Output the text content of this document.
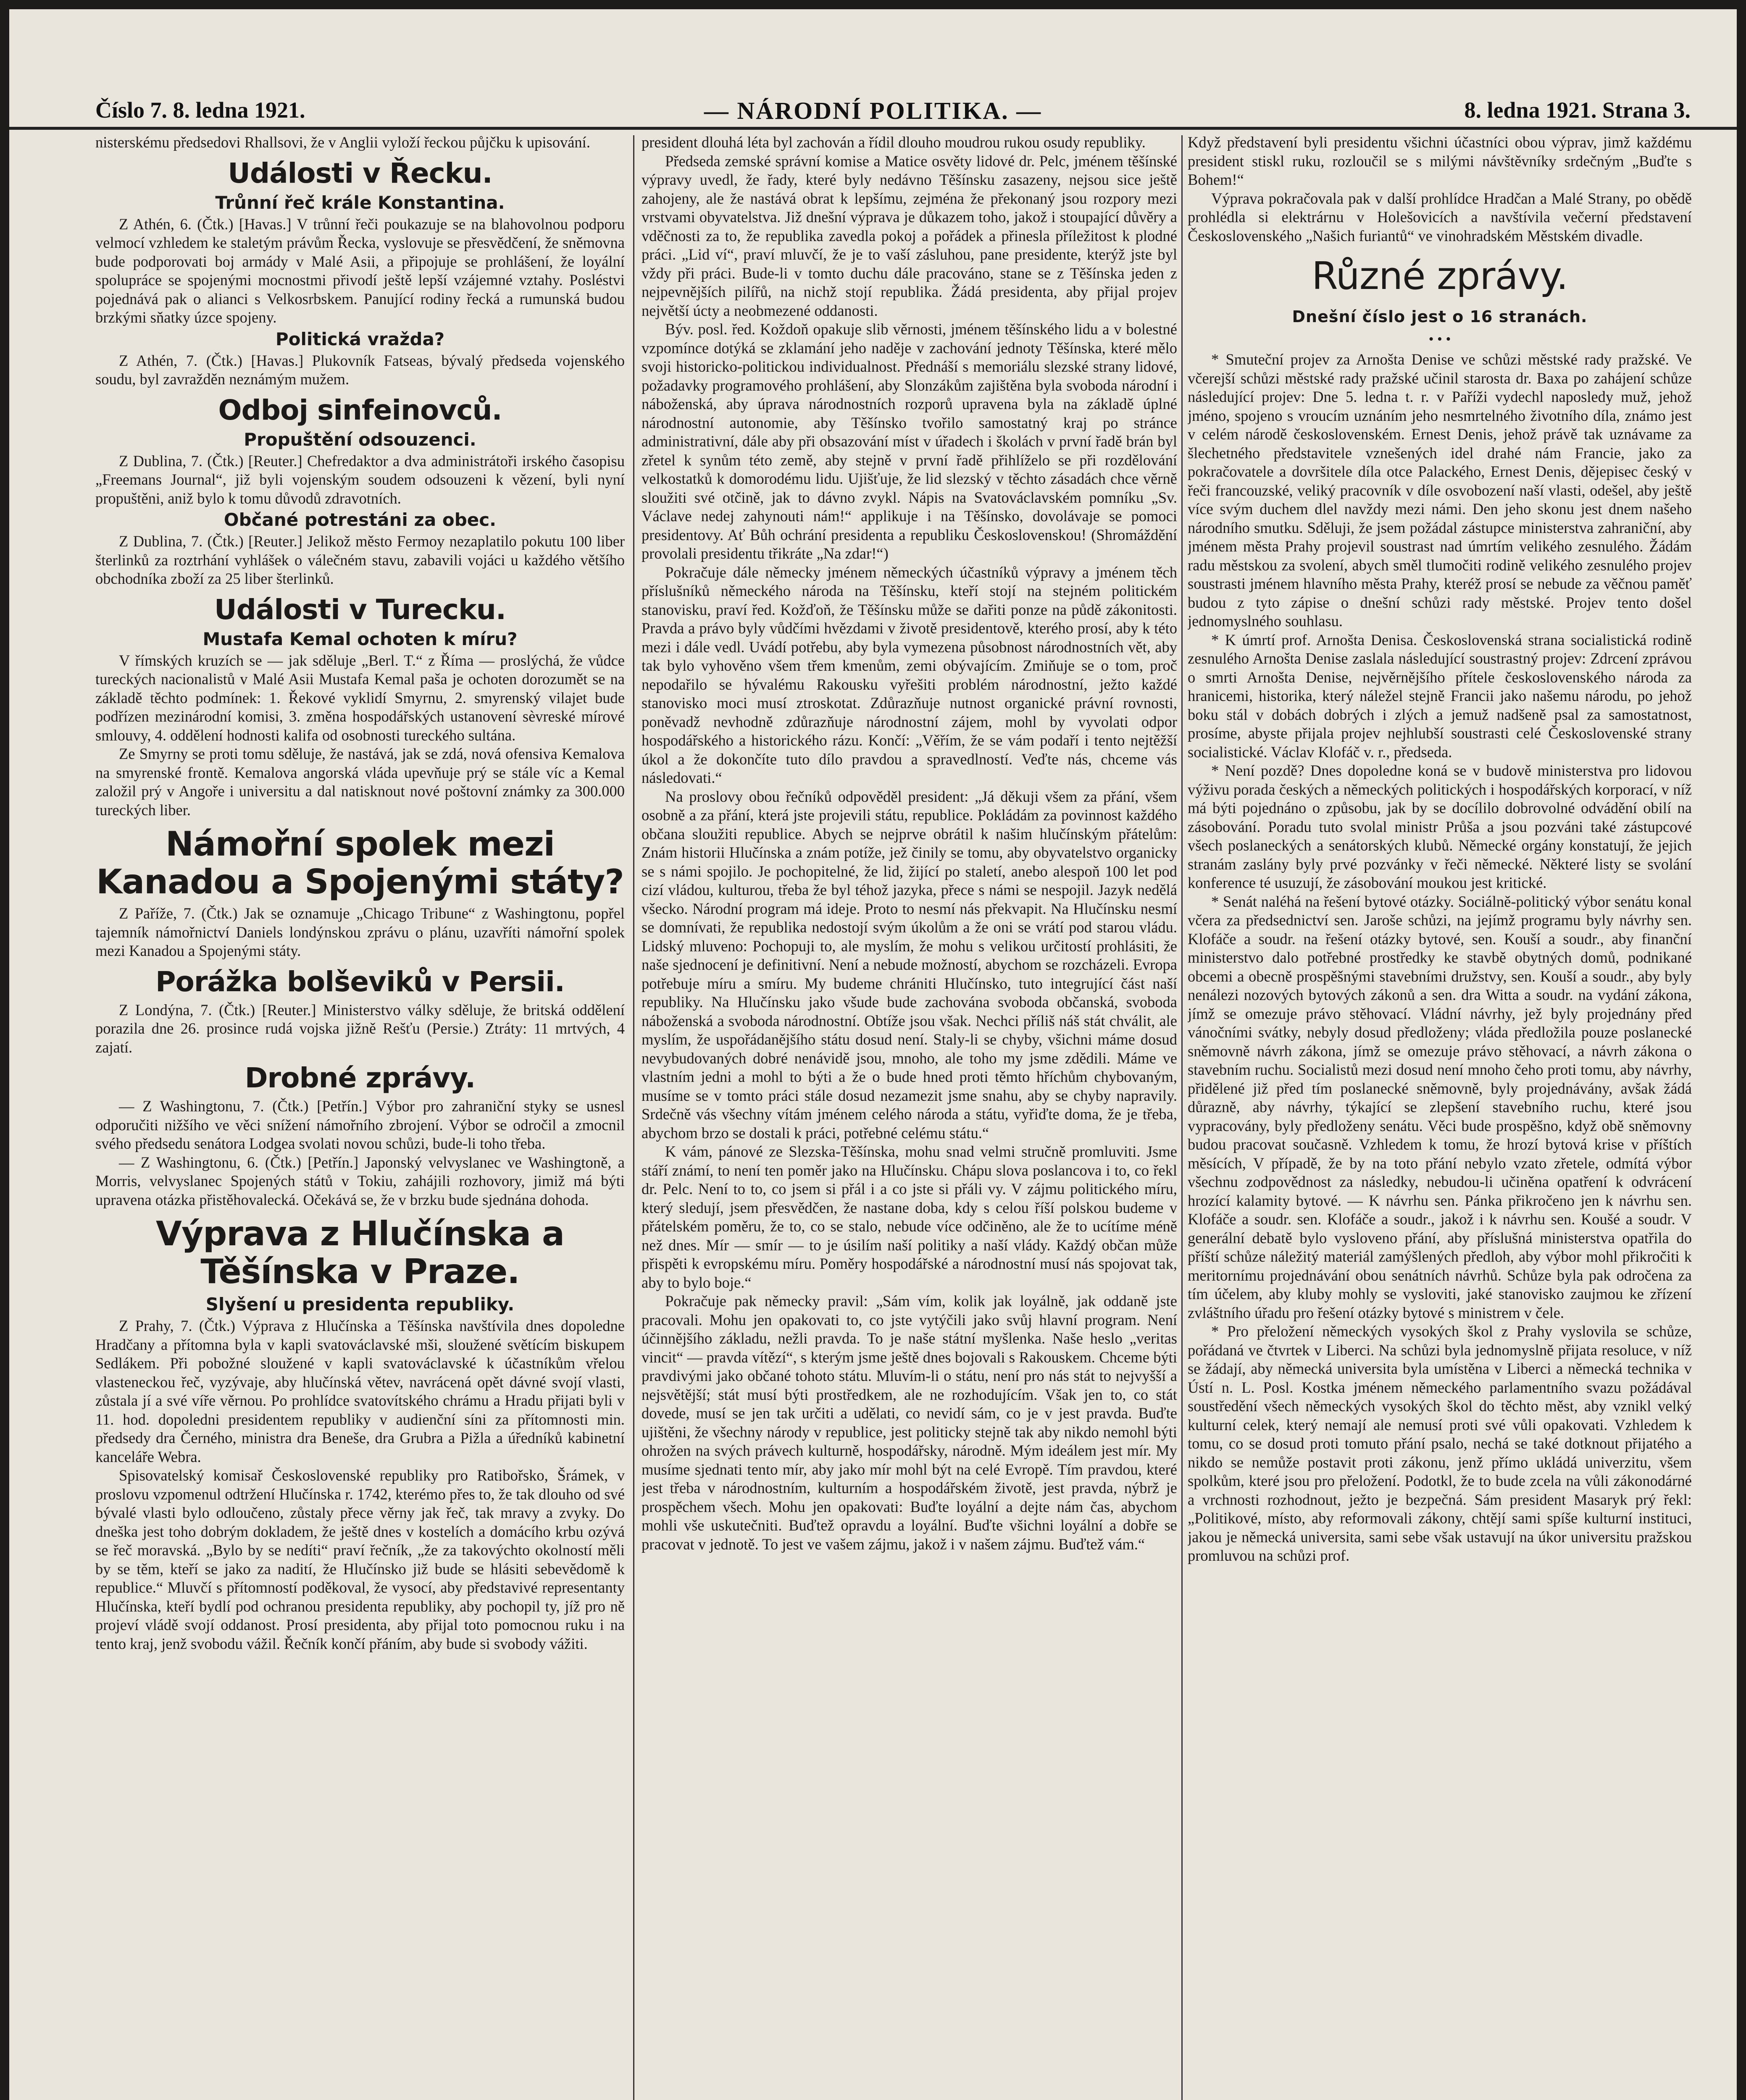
Číslo 7. 8. ledna 1921.	— NÁRODNÍ POLITIKA. —	8. ledna 1921. Strana 3.

nisterskému předsedovi Rhallsovi, že v Anglii vyloží řeckou půjčku k upisování.

Události v Řecku.
Trůnní řeč krále Konstantina.

Z Athén, 6. (Čtk.) [Havas.] V trůnní řeči poukazuje se na blahovolnou podporu velmocí vzhledem ke staletým právům Řecka, vyslovuje se přesvědčení, že sněmovna bude podporovati boj armády v Malé Asii, a připojuje se prohlášení, že loyální spolupráce se spojenými mocnostmi přivodí ještě lepší vzájemné vztahy. Posléstvi pojednává pak o alianci s Velkosrbskem. Panující rodiny řecká a rumunská budou brzkými sňatky úzce spojeny.

Politická vražda?

Z Athén, 7. (Čtk.) [Havas.] Plukovník Fatseas, bývalý předseda vojenského soudu, byl zavražděn neznámým mužem.

Odboj sinfeinovců.
Propuštění odsouzenci.

Z Dublina, 7. (Čtk.) [Reuter.] Chefredaktor a dva administrátoři irského časopisu „Freemans Journal“, již byli vojenským soudem odsouzeni k vězení, byli nyní propuštěni, aniž bylo k tomu důvodů zdravotních.

Občané potrestáni za obec.

Z Dublina, 7. (Čtk.) [Reuter.] Jelikož město Fermoy nezaplatilo pokutu 100 liber šterlinků za roztrhání vyhlášek o válečném stavu, zabavili vojáci u každého většího obchodníka zboží za 25 liber šterlinků.

Události v Turecku.
Mustafa Kemal ochoten k míru?

V římských kruzích se — jak sděluje „Berl. T.“ z Říma — proslýchá, že vůdce tureckých nacionalistů v Malé Asii Mustafa Kemal paša je ochoten dorozumět se na základě těchto podmínek: 1. Řekové vyklidí Smyrnu, 2. smyrenský vilajet bude podřízen mezinárodní komisi, 3. změna hospodářských ustanovení sèvreské mírové smlouvy, 4. oddělení hodnosti kalifa od osobnosti tureckého sultána.

Ze Smyrny se proti tomu sděluje, že nastává, jak se zdá, nová ofensiva Kemalova na smyrenské frontě. Kemalova angorská vláda upevňuje prý se stále víc a Kemal založil prý v Angoře i universitu a dal natisknout nové poštovní známky za 300.000 tureckých liber.

Námořní spolek mezi Kanadou a Spojenými státy?

Z Paříže, 7. (Čtk.) Jak se oznamuje „Chicago Tribune“ z Washingtonu, popřel tajemník námořnictví Daniels londýnskou zprávu o plánu, uzavříti námořní spolek mezi Kanadou a Spojenými státy.

Porážka bolševiků v Persii.

Z Londýna, 7. (Čtk.) [Reuter.] Ministerstvo války sděluje, že britská oddělení porazila dne 26. prosince rudá vojska jižně Rešťu (Persie.) Ztráty: 11 mrtvých, 4 zajatí.

Drobné zprávy.

— Z Washingtonu, 7. (Čtk.) [Petřín.] Výbor pro zahraniční styky se usnesl odporučiti nižšího ve věci snížení námořního zbrojení. Výbor se odročil a zmocnil svého předsedu senátora Lodgea svolati novou schůzi, bude-li toho třeba.

— Z Washingtonu, 6. (Čtk.) [Petřín.] Japonský velvyslanec ve Washingtoně, a Morris, velvyslanec Spojených států v Tokiu, zahájili rozhovory, jimiž má býti upravena otázka přistěhovalecká. Očekává se, že v brzku bude sjednána dohoda.

Výprava z Hlučínska a Těšínska v Praze.
Slyšení u presidenta republiky.

Z Prahy, 7. (Čtk.) Výprava z Hlučínska a Těšínska navštívila dnes dopoledne Hradčany a přítomna byla v kapli svatováclavské mši, sloužené světícím biskupem Sedlákem. Při pobožné sloužené v kapli svatováclavské k účastníkům vřelou vlasteneckou řeč, vyzývaje, aby hlučínská větev, navrácená opět dávné svojí vlasti, zůstala jí a své víře věrnou. Po prohlídce svatovítského chrámu a Hradu přijati byli v 11. hod. dopoledni presidentem republiky v audienční síni za přítomnosti min. předsedy dra Černého, ministra dra Beneše, dra Grubra a Pižla a úředníků kabinetní kanceláře Webra.

Spisovatelský komisař Československé republiky pro Ratibořsko, Šrámek, v proslovu vzpomenul odtržení Hlučínska r. 1742, kterémo přes to, že tak dlouho od své bývalé vlasti bylo odloučeno, zůstaly přece věrny jak řeč, tak mravy a zvyky. Do dneška jest toho dobrým dokladem, že ještě dnes v kostelích a domácího krbu ozývá se řeč moravská. „Bylo by se nedíti“ praví řečník, „že za takovýchto okolností měli by se těm, kteří se jako za nadití, že Hlučínsko již bude se hlásiti sebevědomě k republice.“ Mluvčí s přítomností poděkoval, že vysocí, aby představivé representanty Hlučínska, kteří bydlí pod ochranou presidenta republiky, aby pochopil ty, jíž pro ně projeví vládě svojí oddanost. Prosí presidenta, aby přijal toto pomocnou ruku i na tento kraj, jenž svobodu vážil. Řečník končí přáním, aby bude si svobody vážiti.

president dlouhá léta byl zachován a řídil dlouho moudrou rukou osudy republiky.

Předseda zemské správní komise a Matice osvěty lidové dr. Pelc, jménem těšínské výpravy uvedl, že řady, které byly nedávno Těšínsku zasazeny, nejsou sice ještě zahojeny, ale že nastává obrat k lepšímu, zejména že překonaný jsou rozpory mezi vrstvami obyvatelstva. Již dnešní výprava je důkazem toho, jakož i stoupající důvěry a vděčnosti za to, že republika zavedla pokoj a pořádek a přinesla příležitost k plodné práci. „Lid ví“, praví mluvčí, že je to vaší zásluhou, pane presidente, kterýž jste byl vždy při práci. Bude-li v tomto duchu dále pracováno, stane se z Těšínska jeden z nejpevnějších pilířů, na nichž stojí republika. Žádá presidenta, aby přijal projev největší úcty a neobmezené oddanosti.

Býv. posl. řed. Koždoň opakuje slib věrnosti, jménem těšínského lidu a v bolestné vzpomínce dotýká se zklamání jeho naděje v zachování jednoty Těšínska, které mělo svoji historicko-politickou individualnost. Přednáší s memoriálu slezské strany lidové, požadavky programového prohlášení, aby Slonzákům zajištěna byla svoboda národní i náboženská, aby úprava národnostních rozporů upravena byla na základě úplné národnostní autonomie, aby Těšínsko tvořilo samostatný kraj po stránce administrativní, dále aby při obsazování míst v úřadech i školách v první řadě brán byl zřetel k synům této země, aby stejně v první řadě přihlíželo se při rozdělování velkostatků k domorodému lidu. Ujišťuje, že lid slezský v těchto zásadách chce věrně sloužiti své otčině, jak to dávno zvykl. Nápis na Svatováclavském pomníku „Sv. Václave nedej zahynouti nám!“ applikuje i na Těšínsko, dovolávaje se pomoci presidentovy. Ať Bůh ochrání presidenta a republiku Československou! (Shromáždění provolali presidentu třikráte „Na zdar!“)

Pokračuje dále německy jménem německých účastníků výpravy a jménem těch příslušníků německého národa na Těšínsku, kteří stojí na stejném politickém stanovisku, praví řed. Kožďoň, že Těšínsku může se dařiti ponze na půdě zákonitosti. Pravda a právo byly vůdčími hvězdami v životě presidentově, kterého prosí, aby k této mezi i dále vedl. Uvádí potřebu, aby byla vymezena působnost národnostních vět, aby tak bylo vyhověno všem třem kmenům, zemi obývajícím. Zmiňuje se o tom, proč nepodařilo se hývalému Rakousku vyřešiti problém národnostní, ježto každé stanovisko moci musí ztroskotat. Zdůrazňuje nutnost organické právní rovnosti, poněvadž nevhodně zdůrazňuje národnostní zájem, mohl by vyvolati odpor hospodářského a historického rázu. Končí: „Věřím, že se vám podaří i tento nejtěžší úkol a že dokončíte tuto dílo pravdou a spravedlností. Veďte nás, chceme vás následovati.“

Na proslovy obou řečníků odpověděl president: „Já děkuji všem za přání, všem osobně a za přání, která jste projevili státu, republice. Pokládám za povinnost každého občana sloužiti republice. Abych se nejprve obrátil k našim hlučínským přátelům: Znám historii Hlučínska a znám potíže, jež činily se tomu, aby obyvatelstvo organicky se s námi spojilo. Je pochopitelné, že lid, žijící po staletí, anebo alespoň 100 let pod cizí vládou, kulturou, třeba že byl téhož jazyka, přece s námi se nespojil. Jazyk nedělá všecko. Národní program má ideje. Proto to nesmí nás překvapit. Na Hlučínsku nesmí se domnívati, že republika nedostojí svým úkolům a že oni se vrátí pod starou vládu. Lidský mluveno: Pochopuji to, ale myslím, že mohu s velikou určitostí prohlásiti, že naše sjednocení je definitivní. Není a nebude možností, abychom se rozcházeli. Evropa potřebuje míru a smíru. My budeme chrániti Hlučínsko, tuto integrující část naší republiky. Na Hlučínsku jako všude bude zachována svoboda občanská, svoboda náboženská a svoboda národnostní. Obtíže jsou však. Nechci příliš náš stát chválit, ale myslím, že uspořádanějšího státu dosud není. Staly-li se chyby, všichni máme dosud nevybudovaných dobré nenávidě jsou, mnoho, ale toho my jsme zdědili. Máme ve vlastním jedni a mohl to býti a že o bude hned proti těmto hříchům chybovaným, musíme se v tomto práci stále dosud nezamezit jsme snahu, aby se chyby napravily. Srdečně vás všechny vítám jménem celého národa a státu, vyřiďte doma, že je třeba, abychom brzo se dostali k práci, potřebné celému státu.“

K vám, pánové ze Slezska-Těšínska, mohu snad velmi stručně promluviti. Jsme stáří známí, to není ten poměr jako na Hlučínsku. Chápu slova poslancova i to, co řekl dr. Pelc. Není to to, co jsem si přál i a co jste si přáli vy. V zájmu politického míru, který sledují, jsem přesvědčen, že nastane doba, kdy s celou říší polskou budeme v přátelském poměru, že to, co se stalo, nebude více odčiněno, ale že to ucítíme méně než dnes. Mír — smír — to je úsilím naší politiky a naší vlády. Každý občan může přispěti k evropskému míru. Poměry hospodářské a národnostní musí nás spojovat tak, aby to bylo boje.“

Pokračuje pak německy pravil: „Sám vím, kolik jak loyálně, jak oddaně jste pracovali. Mohu jen opakovati to, co jste vytýčili jako svůj hlavní program. Není účinnějšího základu, nežli pravda. To je naše státní myšlenka. Naše heslo „veritas vincit“ — pravda vítězí“, s kterým jsme ještě dnes bojovali s Rakouskem. Chceme býti pravdivými jako občané tohoto státu. Mluvím-li o státu, není pro nás stát to nejvyšší a nejsvětější; stát musí býti prostředkem, ale ne rozhodujícím. Však jen to, co stát dovede, musí se jen tak určiti a udělati, co nevidí sám, co je v jest pravda. Buďte ujištěni, že všechny národy v republice, jest politicky stejně tak aby nikdo nemohl býti ohrožen na svých právech kulturně, hospodářsky, národně. Mým ideálem jest mír. My musíme sjednati tento mír, aby jako mír mohl být na celé Evropě. Tím pravdou, které jest třeba v národnostním, kulturním a hospodářském životě, jest pravda, nýbrž je prospěchem všech. Mohu jen opakovati: Buďte loyální a dejte nám čas, abychom mohli vše uskutečniti. Buďtež opravdu a loyální. Buďte všichni loyální a dobře se pracovat v jednotě. To jest ve vašem zájmu, jakož i v našem zájmu. Buďtež vám.“

Když představení byli presidentu všichni účastníci obou výprav, jimž každému president stiskl ruku, rozloučil se s milými návštěvníky srdečným „Buďte s Bohem!“

Výprava pokračovala pak v další prohlídce Hradčan a Malé Strany, po obědě prohlédla si elektrárnu v Holešovicích a navštívila večerní představení Československého „Našich furiantů“ ve vinohradském Městském divadle.

Různé zprávy.
Dnešní číslo jest o 16 stranách.
• • •

* Smuteční projev za Arnošta Denise ve schůzi městské rady pražské. Ve včerejší schůzi městské rady pražské učinil starosta dr. Baxa po zahájení schůze následující projev: Dne 5. ledna t. r. v Paříži vydechl naposledy muž, jehož jméno, spojeno s vroucím uznáním jeho nesmrtelného životního díla, známo jest v celém národě československém. Ernest Denis, jehož právě tak uznávame za šlechetného představitele vznešených idel drahé nám Francie, jako za pokračovatele a dovršitele díla otce Palackého, Ernest Denis, dějepisec český v řeči francouzské, veliký pracovník v díle osvobození naší vlasti, odešel, aby ještě více svým duchem dlel navždy mezi námi. Den jeho skonu jest dnem našeho národního smutku. Sděluji, že jsem požádal zástupce ministerstva zahraniční, aby jménem města Prahy projevil soustrast nad úmrtím velikého zesnulého. Žádám radu městskou za svolení, abych směl tlumočiti rodině velikého zesnulého projev soustrasti jménem hlavního města Prahy, kteréž prosí se nebude za věčnou paměť budou z tyto zápise o dnešní schůzi rady městské. Projev tento došel jednomyslného souhlasu.

* K úmrtí prof. Arnošta Denisa. Československá strana socialistická rodině zesnulého Arnošta Denise zaslala následující soustrastný projev: Zdrcení zprávou o smrti Arnošta Denise, nejvěrnějšího přítele československého národa za hranicemi, historika, který náležel stejně Francii jako našemu národu, po jehož boku stál v dobách dobrých i zlých a jemuž nadšeně psal za samostatnost, prosíme, abyste přijala projev nejhlubší soustrasti celé Československé strany socialistické. Václav Klofáč v. r., předseda.

* Není pozdě? Dnes dopoledne koná se v budově ministerstva pro lidovou výživu porada českých a německých politických i hospodářských korporací, v níž má býti pojednáno o způsobu, jak by se docílilo dobrovolné odvádění obilí na zásobování. Poradu tuto svolal ministr Průša a jsou pozváni také zástupcové všech poslaneckých a senátorských klubů. Německé orgány konstatují, že jejich stranám zaslány byly prvé pozvánky v řeči německé. Některé listy se svolání konference té usuzují, že zásobování moukou jest kritické.

* Senát naléhá na řešení bytové otázky. Sociálně-politický výbor senátu konal včera za předsednictví sen. Jaroše schůzi, na jejímž programu byly návrhy sen. Klofáče a soudr. na řešení otázky bytové, sen. Kouší a soudr., aby finanční ministerstvo dalo potřebné prostředky ke stavbě obytných domů, podnikané obcemi a obecně prospěšnými stavebními družstvy, sen. Kouší a soudr., aby byly nenálezi nozových bytových zákonů a sen. dra Witta a soudr. na vydání zákona, jímž se omezuje právo stěhovací. Vládní návrhy, jež byly projednány před vánočními svátky, nebyly dosud předloženy; vláda předložila pouze poslanecké sněmovně návrh zákona, jímž se omezuje právo stěhovací, a návrh zákona o stavebním ruchu. Socialistů mezi dosud není mnoho čeho proti tomu, aby návrhy, přidělené již před tím poslanecké sněmovně, byly projednávány, avšak žádá důrazně, aby návrhy, týkající se zlepšení stavebního ruchu, které jsou vypracovány, byly předloženy senátu. Věci bude prospěšno, když obě sněmovny budou pracovat současně. Vzhledem k tomu, že hrozí bytová krise v příštích měsících, V případě, že by na toto přání nebylo vzato zřetele, odmítá výbor všechnu zodpovědnost za následky, nebudou-li učiněna opatření k odvrácení hrozící kalamity bytové. — K návrhu sen. Pánka přikročeno jen k návrhu sen. Klofáče a soudr. sen. Klofáče a soudr., jakož i k návrhu sen. Koušé a soudr. V generální debatě bylo vysloveno přání, aby příslušná ministerstva opatřila do příští schůze náležitý materiál zamýšlených předloh, aby výbor mohl přikročiti k meritornímu projednávání obou senátních návrhů. Schůze byla pak odročena za tím účelem, aby kluby mohly se vysloviti, jaké stanovisko zaujmou ke zřízení zvláštního úřadu pro řešení otázky bytové s ministrem v čele.

* Pro přeložení německých vysokých škol z Prahy vyslovila se schůze, pořádaná ve čtvrtek v Liberci. Na schůzi byla jednomyslně přijata resoluce, v níž se žádají, aby německá universita byla umístěna v Liberci a německá technika v Ústí n. L. Posl. Kostka jménem německého parlamentního svazu požádával soustředění všech německých vysokých škol do těchto měst, aby vznikl velký kulturní celek, který nemají ale nemusí proti své vůli opakovati. Vzhledem k tomu, co se dosud proti tomuto přání psalo, nechá se také dotknout přijatého a nikdo se nemůže postavit proti zákonu, jenž přímo ukládá univerzitu, všem spolkům, které jsou pro přeložení. Podotkl, že to bude zcela na vůli zákonodárné a vrchnosti rozhodnout, ježto je bezpečná. Sám president Masaryk prý řekl: „Politikové, místo, aby reformovali zákony, chtějí sami spíše kulturní instituci, jakou je německá universita, sami sebe však ustavují na úkor universitu pražskou promluvou na schůzi prof.
